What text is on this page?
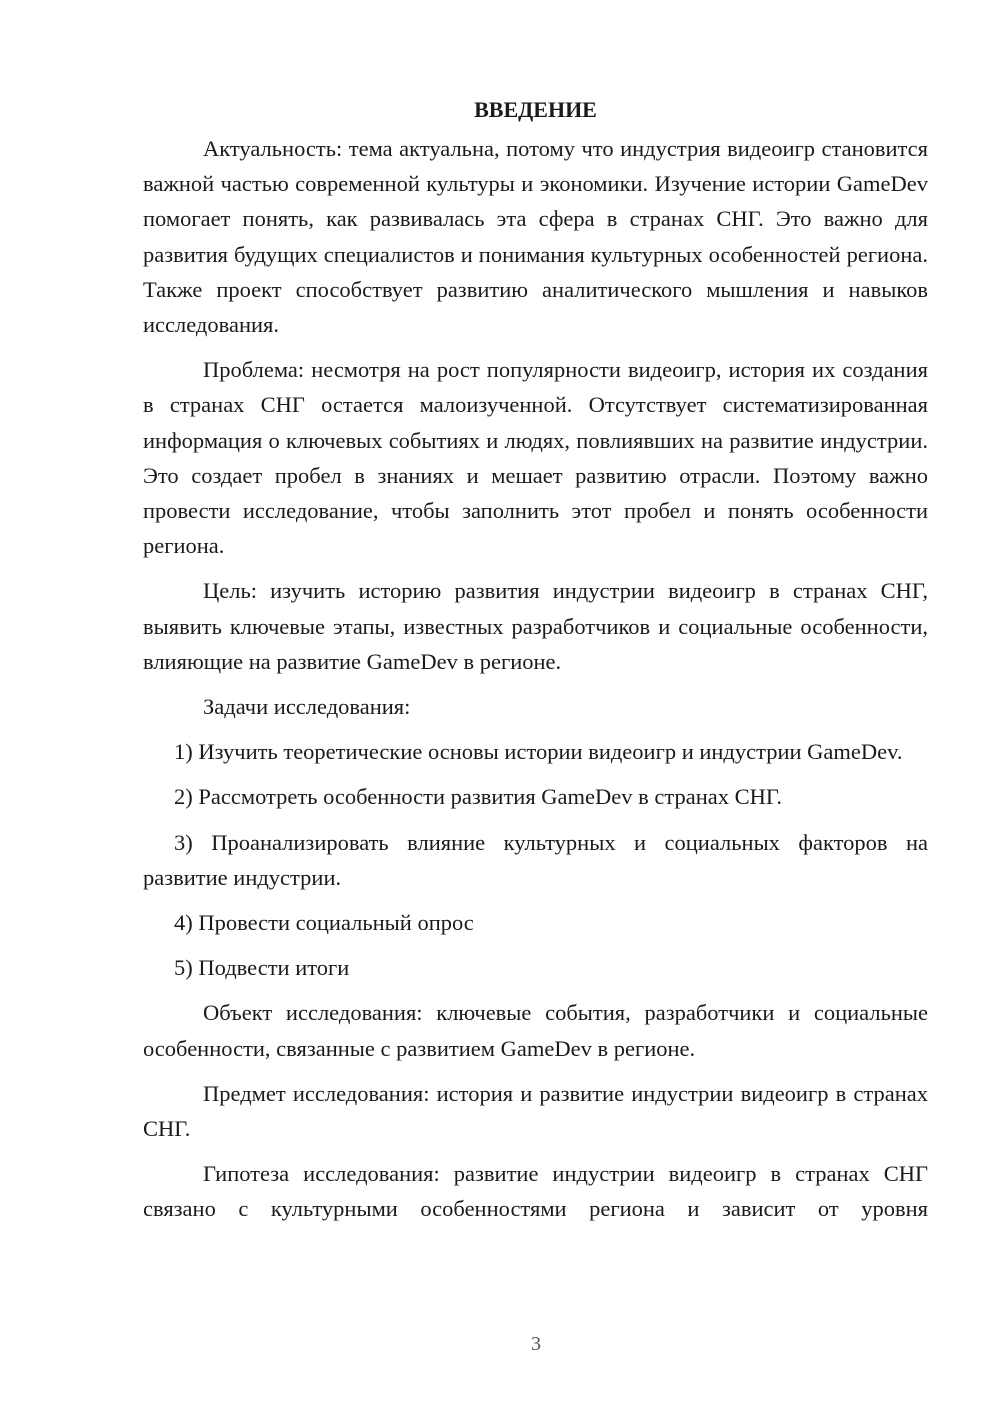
ВВЕДЕНИЕ

Актуальность: тема актуальна, потому что индустрия видеоигр становится важной частью современной культуры и экономики. Изучение истории GameDev помогает понять, как развивалась эта сфера в странах СНГ. Это важно для развития будущих специалистов и понимания культурных особенностей региона. Также проект способствует развитию аналитического мышления и навыков исследования.

Проблема: несмотря на рост популярности видеоигр, история их создания в странах СНГ остается малоизученной. Отсутствует систематизированная информация о ключевых событиях и людях, повлиявших на развитие индустрии. Это создает пробел в знаниях и мешает развитию отрасли. Поэтому важно провести исследование, чтобы заполнить этот пробел и понять особенности региона.

Цель: изучить историю развития индустрии видеоигр в странах СНГ, выявить ключевые этапы, известных разработчиков и социальные особенности, влияющие на развитие GameDev в регионе.

Задачи исследования:

1) Изучить теоретические основы истории видеоигр и индустрии GameDev.

2) Рассмотреть особенности развития GameDev в странах СНГ.

3) Проанализировать влияние культурных и социальных факторов на развитие индустрии.

4) Провести социальный опрос

5) Подвести итоги

Объект исследования: ключевые события, разработчики и социальные особенности, связанные с развитием GameDev в регионе.

Предмет исследования: история и развитие индустрии видеоигр в странах СНГ.

Гипотеза исследования: развитие индустрии видеоигр в странах СНГ связано с культурными особенностями региона и зависит от уровня

3
